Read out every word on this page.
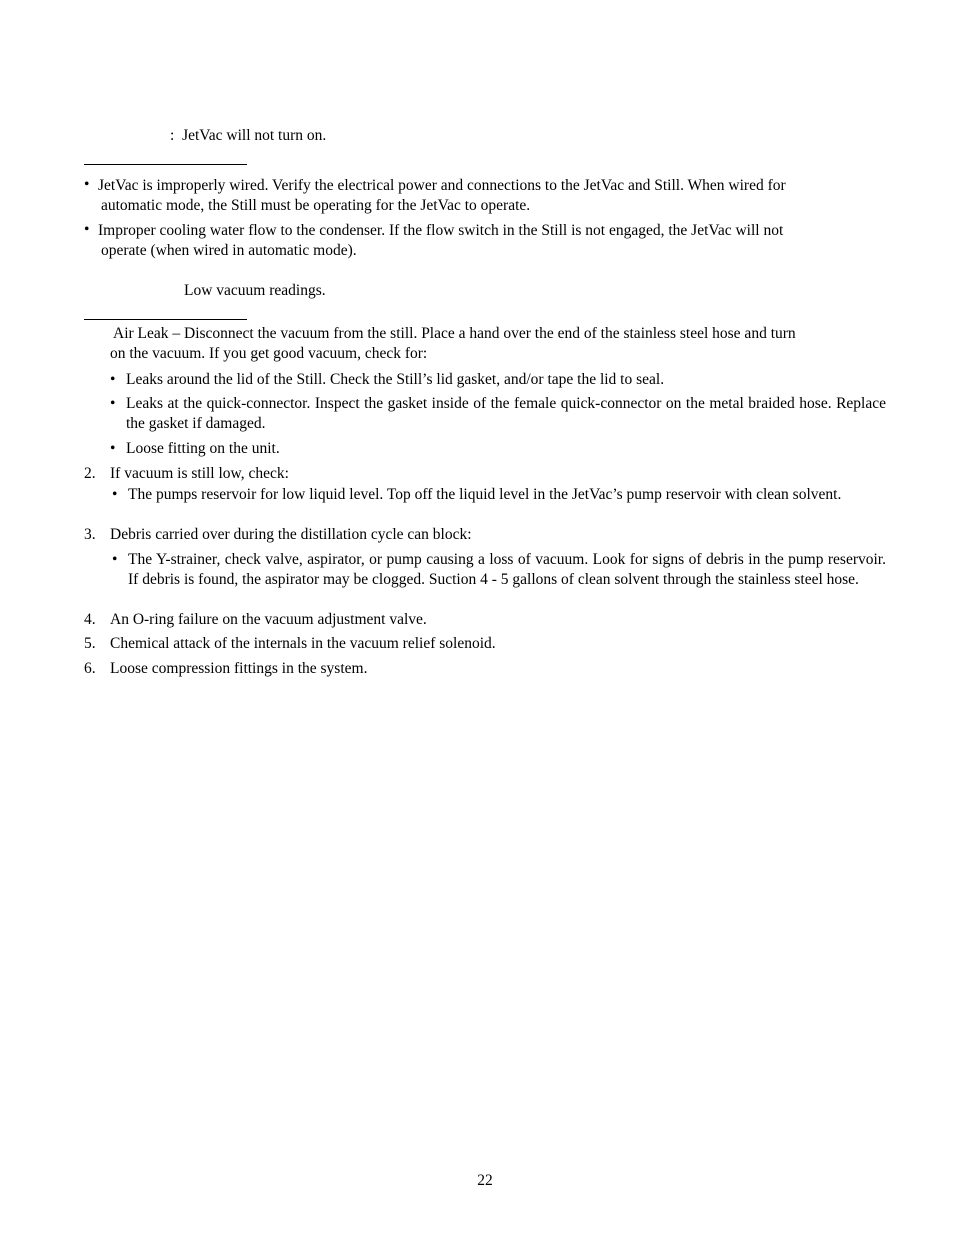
: JetVac will not turn on.
• JetVac is improperly wired. Verify the electrical power and connections to the JetVac and Still. When wired for
automatic mode, the Still must be operating for the JetVac to operate.
• Improper cooling water flow to the condenser. If the flow switch in the Still is not engaged, the JetVac will not
operate (when wired in automatic mode).
Low vacuum readings.
Air Leak – Disconnect the vacuum from the still. Place a hand over the end of the stainless steel hose and turn
on the vacuum. If you get good vacuum, check for:
• Leaks around the lid of the Still. Check the Still’s lid gasket, and/or tape the lid to seal.
• Leaks at the quick-connector. Inspect the gasket inside of the female quick-connector on the metal braided hose. Replace the gasket if damaged.
• Loose fitting on the unit.
2. If vacuum is still low, check:
• The pumps reservoir for low liquid level. Top off the liquid level in the JetVac’s pump reservoir with clean solvent.
3. Debris carried over during the distillation cycle can block:
• The Y-strainer, check valve, aspirator, or pump causing a loss of vacuum. Look for signs of debris in the pump reservoir. If debris is found, the aspirator may be clogged. Suction 4 - 5 gallons of clean solvent through the stainless steel hose.
4. An O-ring failure on the vacuum adjustment valve.
5. Chemical attack of the internals in the vacuum relief solenoid.
6. Loose compression fittings in the system.
22
